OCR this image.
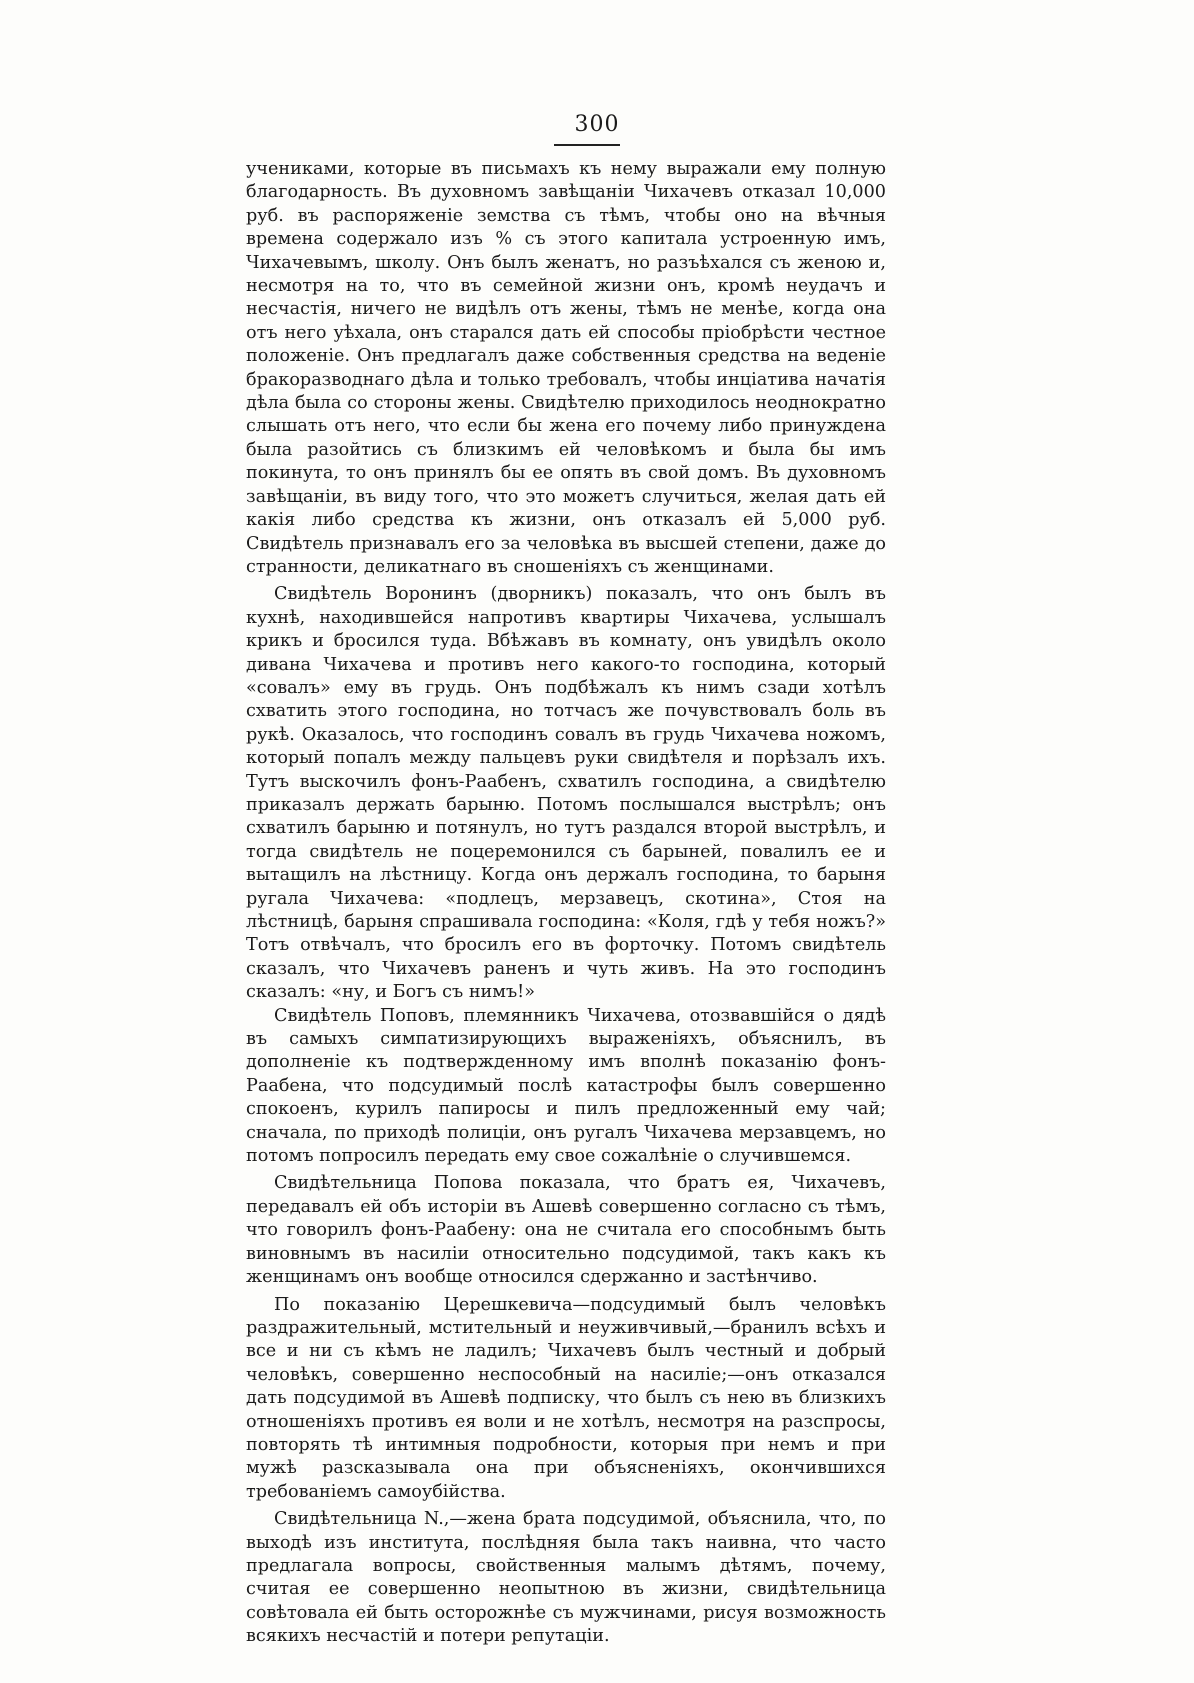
300

учениками, которые въ письмахъ къ нему выражали ему полную благодарность. Въ духовномъ завѣщаніи Чихачевъ отказал 10,000 руб. въ распоряженіе земства съ тѣмъ, чтобы оно на вѣчныя времена содержало изъ % съ этого капитала устроенную имъ, Чихачевымъ, школу. Онъ былъ женатъ, но разъѣхался съ женою и, несмотря на то, что въ семейной жизни онъ, кромѣ неудачъ и несчастія, ничего не видѣлъ отъ жены, тѣмъ не менѣе, когда она отъ него уѣхала, онъ старался дать ей способы пріобрѣсти честное положеніе. Онъ предлагалъ даже собственныя средства на веденіе бракоразводнаго дѣла и только требовалъ, чтобы инціатива начатія дѣла была со стороны жены. Свидѣтелю приходилось неоднократно слышать отъ него, что если бы жена его почему либо принуждена была разойтись съ близкимъ ей человѣкомъ и была бы имъ покинута, то онъ принялъ бы ее опять въ свой домъ. Въ духовномъ завѣщаніи, въ виду того, что это можетъ случиться, желая дать ей какія либо средства къ жизни, онъ отказалъ ей 5,000 руб. Свидѣтель признавалъ его за человѣка въ высшей степени, даже до странности, деликатнаго въ сношеніяхъ съ женщинами.

Свидѣтель Воронинъ (дворникъ) показалъ, что онъ былъ въ кухнѣ, находившейся напротивъ квартиры Чихачева, услышалъ крикъ и бросился туда. Вбѣжавъ въ комнату, онъ увидѣлъ около дивана Чихачева и противъ него какого-то господина, который «совалъ» ему въ грудь. Онъ подбѣжалъ къ нимъ сзади хотѣлъ схватить этого господина, но тотчасъ же почувствовалъ боль въ рукѣ. Оказалось, что господинъ совалъ въ грудь Чихачева ножомъ, который попалъ между пальцевъ руки свидѣтеля и порѣзалъ ихъ. Тутъ выскочилъ фонъ-Раабенъ, схватилъ господина, а свидѣтелю приказалъ держать барыню. Потомъ послышался выстрѣлъ; онъ схватилъ барыню и потянулъ, но тутъ раздался второй выстрѣлъ, и тогда свидѣтель не поцеремонился съ барыней, повалилъ ее и вытащилъ на лѣстницу. Когда онъ держалъ господина, то барыня ругала Чихачева: «подлецъ, мерзавецъ, скотина», Стоя на лѣстницѣ, барыня спрашивала господина: «Коля, гдѣ у тебя ножъ?» Тотъ отвѣчалъ, что бросилъ его въ форточку. Потомъ свидѣтель сказалъ, что Чихачевъ раненъ и чуть живъ. На это господинъ сказалъ: «ну, и Богъ съ нимъ!»

Свидѣтель Поповъ, племянникъ Чихачева, отозвавшійся о дядѣ въ самыхъ симпатизирующихъ выраженіяхъ, объяснилъ, въ дополненіе къ подтвержденному имъ вполнѣ показанію фонъ-Раабена, что подсудимый послѣ катастрофы былъ совершенно спокоенъ, курилъ папиросы и пилъ предложенный ему чай; сначала, по приходѣ полиціи, онъ ругалъ Чихачева мерзавцемъ, но потомъ попросилъ передать ему свое сожалѣніе о случившемся.

Свидѣтельница Попова показала, что братъ ея, Чихачевъ, передавалъ ей объ исторіи въ Ашевѣ совершенно согласно съ тѣмъ, что говорилъ фонъ-Раабену: она не считала его способнымъ быть виновнымъ въ насиліи относительно подсудимой, такъ какъ къ женщинамъ онъ вообще относился сдержанно и застѣнчиво.

По показанію Церешкевича—подсудимый былъ человѣкъ раздражительный, мстительный и неуживчивый,—бранилъ всѣхъ и все и ни съ кѣмъ не ладилъ; Чихачевъ былъ честный и добрый человѣкъ, совершенно неспособный на насиліе;—онъ отказался дать подсудимой въ Ашевѣ подписку, что былъ съ нею въ близкихъ отношеніяхъ противъ ея воли и не хотѣлъ, несмотря на разспросы, повторять тѣ интимныя подробности, которыя при немъ и при мужѣ разсказывала она при объясненіяхъ, окончившихся требованіемъ самоубійства.

Свидѣтельница N.,—жена брата подсудимой, объяснила, что, по выходѣ изъ института, послѣдняя была такъ наивна, что часто предлагала вопросы, свойственныя малымъ дѣтямъ, почему, считая ее совершенно неопытною въ жизни, свидѣтельница совѣтовала ей быть осторожнѣе съ мужчинами, рисуя возможность всякихъ несчастій и потери репутаціи.
